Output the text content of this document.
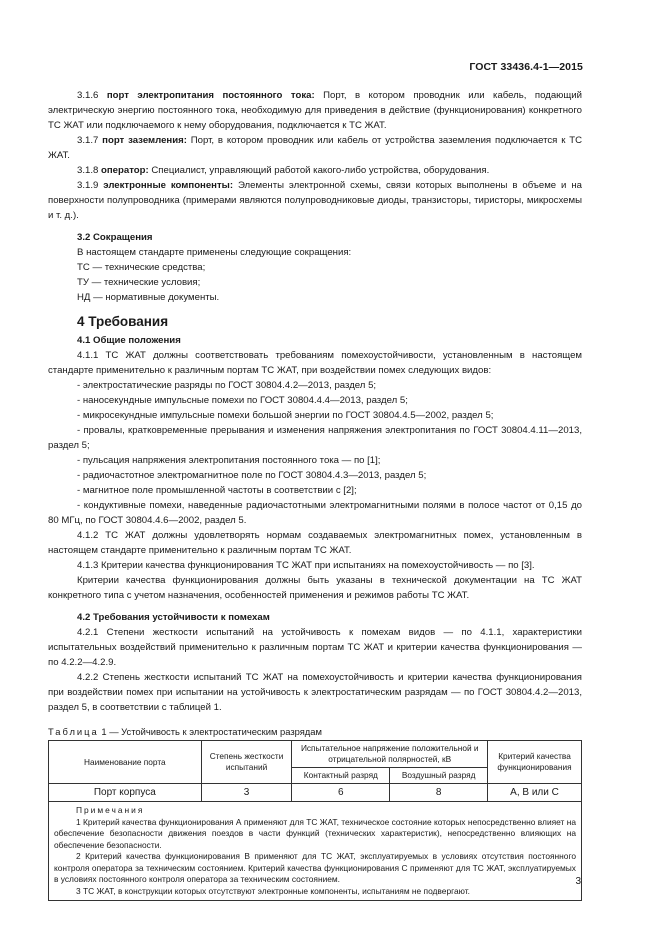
ГОСТ 33436.4-1—2015

3.1.6 порт электропитания постоянного тока: Порт, в котором проводник или кабель, подающий электрическую энергию постоянного тока, необходимую для приведения в действие (функционирования) конкретного ТС ЖАТ или подключаемого к нему оборудования, подключается к ТС ЖАТ.

3.1.7 порт заземления: Порт, в котором проводник или кабель от устройства заземления подключается к ТС ЖАТ.

3.1.8 оператор: Специалист, управляющий работой какого-либо устройства, оборудования.

3.1.9 электронные компоненты: Элементы электронной схемы, связи которых выполнены в объеме и на поверхности полупроводника (примерами являются полупроводниковые диоды, транзисторы, тиристоры, микросхемы и т. д.).

3.2 Сокращения

В настоящем стандарте применены следующие сокращения:

ТС — технические средства;

ТУ — технические условия;

НД — нормативные документы.

4 Требования
4.1 Общие положения

4.1.1 ТС ЖАТ должны соответствовать требованиям помехоустойчивости, установленным в настоящем стандарте применительно к различным портам ТС ЖАТ, при воздействии помех следующих видов:

- электростатические разряды по ГОСТ 30804.4.2—2013, раздел 5;

- наносекундные импульсные помехи по ГОСТ 30804.4.4—2013, раздел 5;

- микросекундные импульсные помехи большой энергии по ГОСТ 30804.4.5—2002, раздел 5;

- провалы, кратковременные прерывания и изменения напряжения электропитания по ГОСТ 30804.4.11—2013, раздел 5;

- пульсация напряжения электропитания постоянного тока — по [1];

- радиочастотное электромагнитное поле по ГОСТ 30804.4.3—2013, раздел 5;

- магнитное поле промышленной частоты в соответствии с [2];

- кондуктивные помехи, наведенные радиочастотными электромагнитными полями в полосе частот от 0,15 до 80 МГц, по ГОСТ 30804.4.6—2002, раздел 5.

4.1.2 ТС ЖАТ должны удовлетворять нормам создаваемых электромагнитных помех, установленным в настоящем стандарте применительно к различным портам ТС ЖАТ.

4.1.3 Критерии качества функционирования ТС ЖАТ при испытаниях на помехоустойчивость — по [3].

Критерии качества функционирования должны быть указаны в технической документации на ТС ЖАТ конкретного типа с учетом назначения, особенностей применения и режимов работы ТС ЖАТ.

4.2 Требования устойчивости к помехам

4.2.1 Степени жесткости испытаний на устойчивость к помехам видов — по 4.1.1, характеристики испытательных воздействий применительно к различным портам ТС ЖАТ и критерии качества функционирования — по 4.2.2—4.2.9.

4.2.2 Степень жесткости испытаний ТС ЖАТ на помехоустойчивость и критерии качества функционирования при воздействии помех при испытании на устойчивость к электростатическим разрядам — по ГОСТ 30804.4.2—2013, раздел 5, в соответствии с таблицей 1.

Таблица 1 — Устойчивость к электростатическим разрядам
Наименование порта	Степень жесткости испытаний	Испытательное напряжение положительной и отрицательной полярностей, кВ		Критерий качества функционирования
		Контактный разряд	Воздушный разряд	
Порт корпуса	3	6	8	А, В или С

Примечания

1 Критерий качества функционирования А применяют для ТС ЖАТ, техническое состояние которых непосредственно влияет на обеспечение безопасности движения поездов в части функций (технических характеристик), непосредственно влияющих на обеспечение безопасности.

2 Критерий качества функционирования В применяют для ТС ЖАТ, эксплуатируемых в условиях отсутствия постоянного контроля оператора за техническим состоянием. Критерий качества функционирования С применяют для ТС ЖАТ, эксплуатируемых в условиях постоянного контроля оператора за техническим состоянием.

3 ТС ЖАТ, в конструкции которых отсутствуют электронные компоненты, испытаниям не подвергают.				

3
